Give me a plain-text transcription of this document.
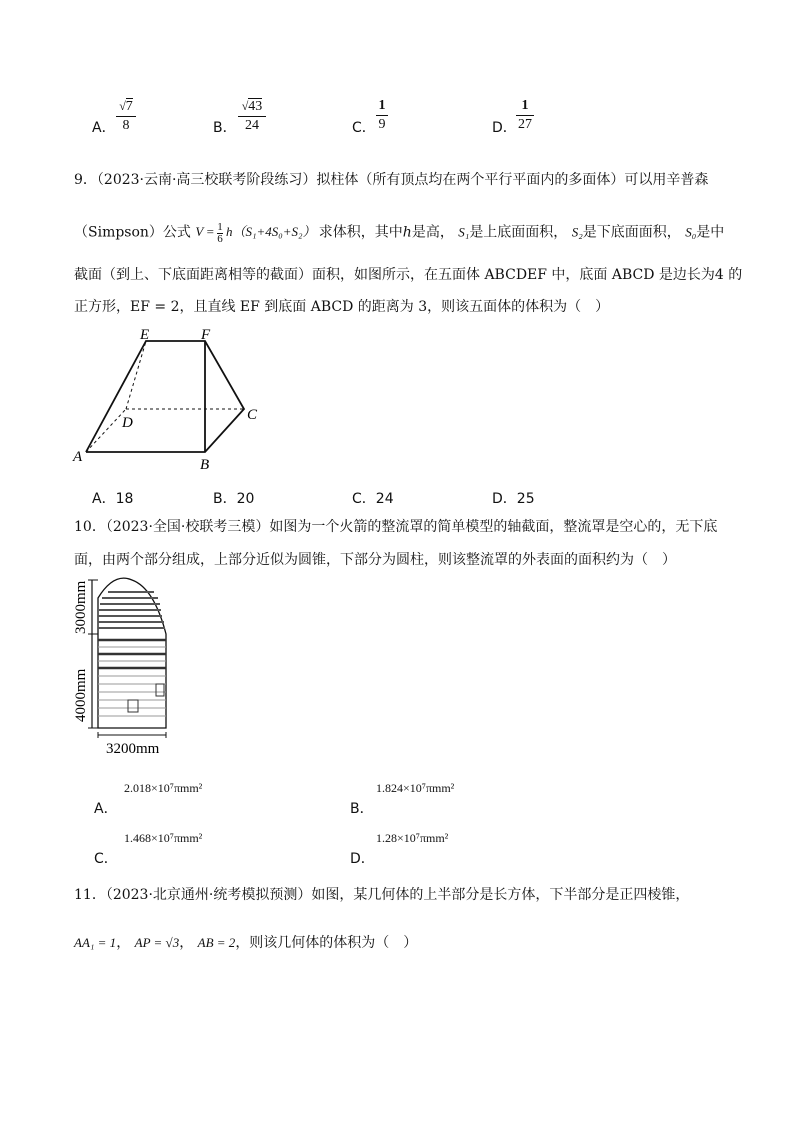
A．
√7
8	B．
√43
24	C．
1
9	D．
1
27
9．（2023·云南·高三校联考阶段练习）拟柱体（所有顶点均在两个平行平面内的多面体）可以用辛普森
（Simpson）公式 $V = \frac{1}{6} h(S_1+4S_0+S_2)$ 求体积，其中h是高， S₁是上底面面积， S₂是下底面面积， S₀是中
截面（到上、下底面距离相等的截面）面积，如图所示，在五面体 ABCDEF 中，底面 ABCD 是边长为4 的
正方形，EF = 2，且直线 EF 到底面 ABCD 的距离为 3，则该五面体的体积为（　）
E	F
D	C
A	B
A．18	B．20	C．24	D．25
10．（2023·全国·校联考三模）如图为一个火箭的整流罩的简单模型的轴截面，整流罩是空心的，无下底
面，由两个部分组成，上部分近似为圆锥，下部分为圆柱，则该整流罩的外表面的面积约为（　）
3000mm
4000mm
3200mm
A．
2.018×10⁷πmm²
B．
1.824×10⁷πmm²
C．
1.468×10⁷πmm²
D．
1.28×10⁷πmm²
11．（2023·北京通州·统考模拟预测）如图，某几何体的上半部分是长方体，下半部分是正四棱锥，
AA₁ = 1， AP = √3， AB = 2，则该几何体的体积为（　）
